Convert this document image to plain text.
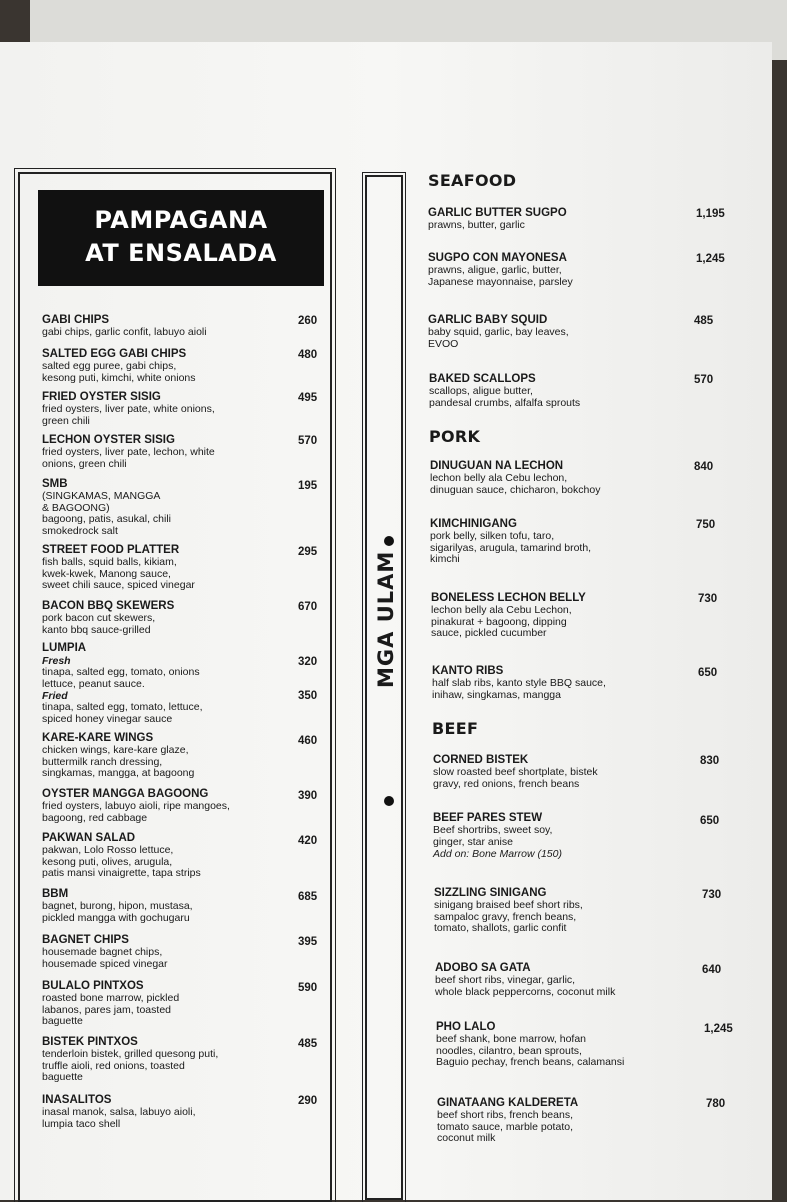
PAMPAGANA
AT ENSALADA
GABI CHIPS
gabi chips, garlic confit, labuyo aioli
260
SALTED EGG GABI CHIPS
salted egg puree, gabi chips,
kesong puti, kimchi, white onions
480
FRIED OYSTER SISIG
fried oysters, liver pate, white onions,
green chili
495
LECHON OYSTER SISIG
fried oysters, liver pate, lechon, white
onions, green chili
570
SMB
(SINGKAMAS, MANGGA
& BAGOONG)
bagoong, patis, asukal, chili
smokedrock salt
195
STREET FOOD PLATTER
fish balls, squid balls, kikiam,
kwek-kwek, Manong sauce,
sweet chili sauce, spiced vinegar
295
BACON BBQ SKEWERS
pork bacon cut skewers,
kanto bbq sauce-grilled
670
LUMPIA
Fresh
tinapa, salted egg, tomato, onions
lettuce, peanut sauce.
Fried
tinapa, salted egg, tomato, lettuce,
spiced honey vinegar sauce
320
350
KARE-KARE WINGS
chicken wings, kare-kare glaze,
buttermilk ranch dressing,
singkamas, mangga, at bagoong
460
OYSTER MANGGA BAGOONG
fried oysters, labuyo aioli, ripe mangoes,
bagoong, red cabbage
390
PAKWAN SALAD
pakwan, Lolo Rosso lettuce,
kesong puti, olives, arugula,
patis mansi vinaigrette, tapa strips
420
BBM
bagnet, burong, hipon, mustasa,
pickled mangga with gochugaru
685
BAGNET CHIPS
housemade bagnet chips,
housemade spiced vinegar
395
BULALO PINTXOS
roasted bone marrow, pickled
labanos, pares jam, toasted
baguette
590
BISTEK PINTXOS
tenderloin bistek, grilled quesong puti,
truffle aioli, red onions, toasted
baguette
485
INASALITOS
inasal manok, salsa, labuyo aioli,
lumpia taco shell
290
SEAFOOD
GARLIC BUTTER SUGPO
prawns, butter, garlic
1,195
SUGPO CON MAYONESA
prawns, aligue, garlic, butter,
Japanese mayonnaise, parsley
1,245
GARLIC BABY SQUID
baby squid, garlic, bay leaves,
EVOO
485
BAKED SCALLOPS
scallops, aligue butter,
pandesal crumbs, alfalfa sprouts
570
PORK
DINUGUAN NA LECHON
lechon belly ala Cebu lechon,
dinuguan sauce, chicharon, bokchoy
840
KIMCHINIGANG
pork belly, silken tofu, taro,
sigarilyas, arugula, tamarind broth,
kimchi
750
BONELESS LECHON BELLY
lechon belly ala Cebu Lechon,
pinakurat + bagoong, dipping
sauce, pickled cucumber
730
KANTO RIBS
half slab ribs, kanto style BBQ sauce,
inihaw, singkamas, mangga
650
BEEF
CORNED BISTEK
slow roasted beef shortplate, bistek
gravy, red onions, french beans
830
BEEF PARES STEW
Beef shortribs, sweet soy,
ginger, star anise
Add on: Bone Marrow (150)
650
SIZZLING SINIGANG
sinigang braised beef short ribs,
sampaloc gravy, french beans,
tomato, shallots, garlic confit
730
ADOBO SA GATA
beef short ribs, vinegar, garlic,
whole black peppercorns, coconut milk
640
PHO LALO
beef shank, bone marrow, hofan
noodles, cilantro, bean sprouts,
Baguio pechay, french beans, calamansi
1,245
GINATAANG KALDERETA
beef short ribs, french beans,
tomato sauce, marble potato,
coconut milk
780
